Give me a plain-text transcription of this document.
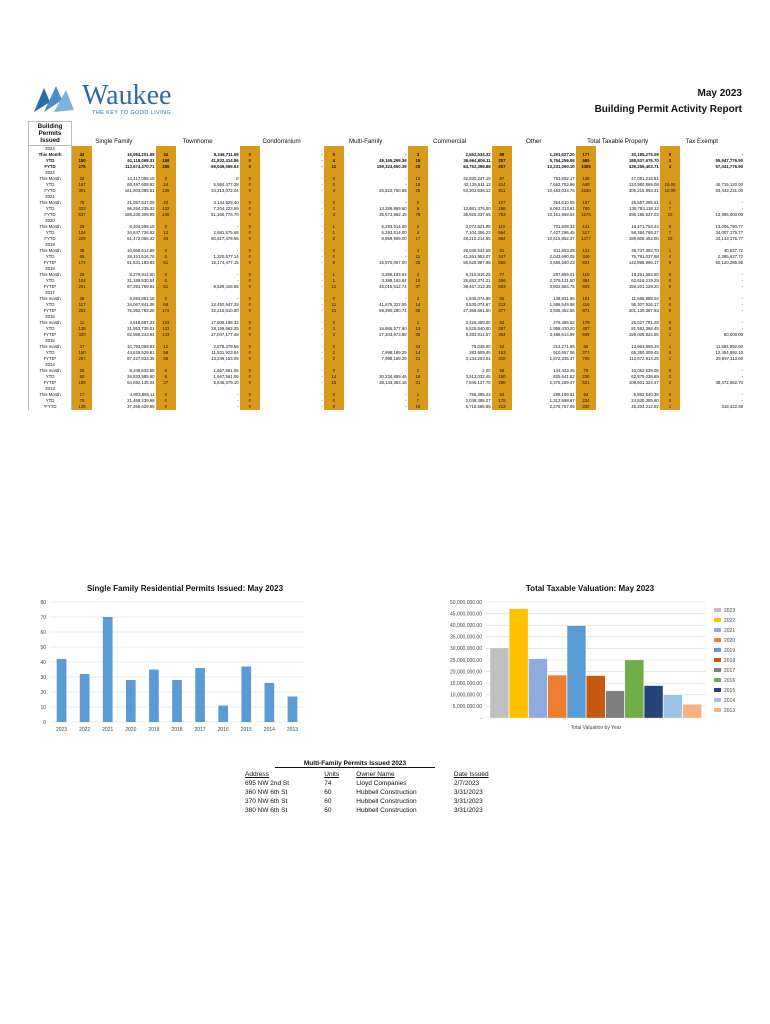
Waukee
THE KEY TO GOOD LIVING
May 2023
Building Permit Activity Report
Building Permits
Issued	Single Family		Townhome		Condominium		Multi-Family		Commercial		Other		Total Taxable Property		Tax Exempt	
2023																
This Month	42	16,994,201.69	34	9,246,711.59	0	-	0	-	3	2,652,534.32	89	1,291,627.20	177	30,185,275.09	0	-
YTD	150	61,118,068.31	159	41,832,414.86	0	-	4	49,165,299.36	15	36,664,606.11	257	5,764,256.06	585	188,537,676.70	2	55,947,776.90
FYTD	275	113,674,470.71	265	69,049,065.63	0	-	11	159,323,650.39	25	84,752,398.88	607	13,231,060.10	1085	439,256,403.71	4	57,041,776.90
2022																
This Month	32	13,417,095.15	0	0	0	-	0	-	10	32,930,247.19	87	763,652.17	128	47,081,215.51		
YTD	167	69,497,608.92	24	5,984,477.28	0	-	0	-	15	42,125,511.12	414	7,562,752.66	640	124,980,869.08	10.00	40,715,120.00
FYTD	301	161,803,385.51	139	34,213,072.04	0	-	4	25,522,750.88	25	53,302,636.12	811	10,463,034.76	1530	305,215,893.31	10.00	93,443,231.00
2021																
This Month	75	21,057,647.06	20	4,144,928.40	0	-	0	-	0	-	107	354,610.05	187	25,557,385.51	1	-
YTD	322	96,294,235.32	132	7,204,223.59	0	-	2	13,289,869.60	6	12,981,376.00	298	6,062,313.61	760	135,793,118.12	7	-
FYTD	537	188,230,309.99	246	51,160,776.70	0	-	3	35,573,862.15	78	35,926,337.65	753	10,161,968.54	1576	298,185,527.03	10	13,986,000.00
2020																
This Month	28	8,404,599.15	0	-	0	-	1	6,293,614.00	2	3,072,521.95	110	701,508.34	141	18,471,753.44	5	13,006,790.77
YTD	134	34,847,726.92	12	2,681,575.68	0	-	1	6,293,614.00	4	7,104,356.22	564	7,427,296.45	517	58,354,769.27	7	34,007,175.77
FYTD	229	81,472,056.42	44	80,617,479.68	0	-	2	8,869,909.00	17	28,210,214.55	884	10,615,862.37	1377	189,805,452.00	10	34,143,175.77
2019																
This Month	35	10,868,614.89	0	-	0	-	0	-	4	28,049,534.55	81	811,653.28	121	39,747,392.70	1	40,627.72
YTD	65	28,151,616.76	0	1,320,577.14	0	-	0	-	11	41,261,952.07	247	2,043,690.05	346	76,781,037.98	4	2,285,627.72
FYTD*	174	51,531,183.83	61	15,174,477.15	0	-	8	15,970,067.00	25	55,525,987.98	556	4,655,560.23	824	142,886,966.17	8	90,120,285.56
2018																
This Month	28	8,279,814.50	0	-	0	-	1	3,399,193.84	4	6,315,816.25	77	267,859.01	110	18,261,682.60	0	-
YTD	104	31,189,530.54	0	-	0	-	1	3,399,193.84	10	25,652,374.21	286	2,375,121.50	384	62,616,219.29	0	-
FYTD*	251	87,291,769.84	51	9,529,426.95	0	-	11	45,015,512.74	37	39,467,313.35	593	3,802,564.75	933	159,201,228.20	0	-
2017																
This month	36	9,693,881.18	0	-	0	-	0	-	3	1,845,074.98	65	148,931.96	104	11,686,888.04	0	-
YTD	117	34,067,841.06	68	12,492,947.29	0	-	11	41,676,322.55	14	8,535,074.67	212	1,586,549.58	416	95,307,926.17	0	-
FYTD*	252	76,352,782.28	174	32,215,810.80	0	-	21	59,390,280.74	58	27,366,661.50	477	3,805,452.56	971	201,130,387.93	0	-
2016																
This month	11	3,618,687.33	103	17,509,188.33	0	-	0	-	1	3,426,450.00	62	475,455.62	179	25,027,781.28	0	-
YTD	135	31,953,735.01	133	28,159,662.25	0	-	3	16,865,577.90	13	5,525,840.00	287	1,958,430.20	457	81,592,368.45	0	-
FYTD*	320	82,989,243.94	143	27,047,177.48	0	-	3	27,203,673.88	36	8,283,914.57	404	3,498,614.99	949	159,005,824.86	1	60,000.00
2015																
This month	37	10,793,059.83	12	2,878,479.56	0	-	0	-	34	78,048.00	54	213,271.66	86	13,963,859.29	1	11,584,992.60
YTD	150	44,629,529.81	58	11,531,923.84	0	-	2	7,998,189.29	14	283,909.45	153	910,557.06	377	65,350,309.45	5	12,454,992.10
FYTD*	297	87,427,833.36	65	13,249,153.09	0	-	2	7,998,189.29	21	3,134,203.04	310	1,872,335.47	708	113,672,914.25	1	29,697,113.60
2014																
This month	26	8,249,632.55	6	1,667,561.06	0	-	0	-	2	2.00	58	144,423.45	76	10,052,639.06	0	-
YTD	92	26,833,985.90	6	1,667,561.06	0	-	14	30,234,889.46	19	3,513,032.45	150	825,641.62	236	62,875,038.69	0	-
FYTD*	188	54,692,135.04	27	5,545,379.10	0	-	15	38,143,383.16	31	7,845,127.70	280	2,375,289.47	521	108,601,324.47	2	38,472,682.70
2013																
This Month	17	4,803,855.11	0	-	0	-	0	-	1	756,385.44	84	299,199.81	94	5,882,540.36	0	-
YTD	79	21,469,239.98	0	-	0	-	0	-	7	2,048,495.27	175	1,312,698.67	234	24,830,385.90	0	-
*FYTD	135	37,266,629.99	0	-	0	-	0	-	19	5,718,585.86	212	2,276,767.05	330	45,204,212.92	1	318,422.98
Single Family Residential Permits Issued: May 2023
0
10
20
30
40
50
60
70
80
2023 2022 2021 2020 2019 2018 2017 2016 2015 2014 2013
Total Taxable Valuation: May 2023
-
5,000,000.00
10,000,000.00
15,000,000.00
20,000,000.00
25,000,000.00
30,000,000.00
35,000,000.00
40,000,000.00
45,000,000.00
50,000,000.00
Total Valuation by Year
2023
2022
2021
2020
2019
2018
2017
2016
2015
2014
2013
Multi-Family Permits Issued 2023
Address	Units	Owner Name	Date Issued
695 NW 2nd St	74	Lloyd Companies	2/7/2023
360 NW 6th St	60	Hubbell Construction	3/31/2023
370 NW 6th St	60	Hubbell Construction	3/31/2023
380 NW 6th St	60	Hubbell Construction	3/31/2023
